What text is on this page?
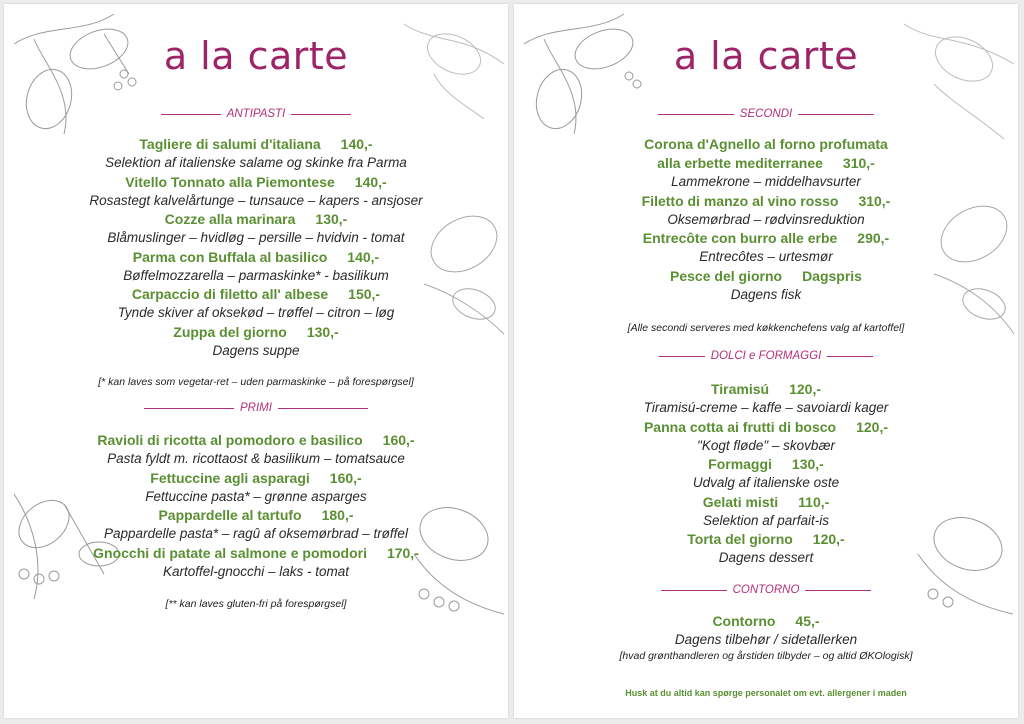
a la carte
ANTIPASTI
Tagliere di salumi d'italiana 140,-
Selektion af italienske salame og skinke fra Parma
Vitello Tonnato alla Piemontese 140,-
Rosastegt kalvelårtunge – tunsauce – kapers - ansjoser
Cozze alla marinara 130,-
Blåmuslinger – hvidløg – persille – hvidvin - tomat
Parma con Buffala al basilico 140,-
Bøffelmozzarella – parmaskinke* - basilikum
Carpaccio di filetto all' albese 150,-
Tynde skiver af oksekød – trøffel – citron – løg
Zuppa del giorno 130,-
Dagens suppe
[* kan laves som vegetar-ret – uden parmaskinke – på forespørgsel]
PRIMI
Ravioli di ricotta al pomodoro e basilico 160,-
Pasta fyldt m. ricottaost & basilikum – tomatsauce
Fettuccine agli asparagi 160,-
Fettuccine pasta* – grønne asparges
Pappardelle al tartufo 180,-
Pappardelle pasta* – ragû af oksemørbrad – trøffel
Gnocchi di patate al salmone e pomodori 170,-
Kartoffel-gnocchi – laks - tomat
[** kan laves gluten-fri på forespørgsel]
a la carte
SECONDI
Corona d'Agnello al forno profumata
alla erbette mediterranee 310,-
Lammekrone – middelhavsurter
Filetto di manzo al vino rosso 310,-
Oksemørbrad – rødvinsreduktion
Entrecôte con burro alle erbe 290,-
Entrecôtes – urtesmør
Pesce del giorno Dagspris
Dagens fisk
[Alle secondi serveres med køkkenchefens valg af kartoffel]
DOLCI e FORMAGGI
Tiramisú 120,-
Tiramisú-creme – kaffe – savoiardi kager
Panna cotta ai frutti di bosco 120,-
"Kogt fløde" – skovbær
Formaggi 130,-
Udvalg af italienske oste
Gelati misti 110,-
Selektion af parfait-is
Torta del giorno 120,-
Dagens dessert
CONTORNO
Contorno 45,-
Dagens tilbehør / sidetallerken
[hvad grønthandleren og årstiden tilbyder – og altid ØKOlogisk]
Husk at du altid kan spørge personalet om evt. allergener i maden
